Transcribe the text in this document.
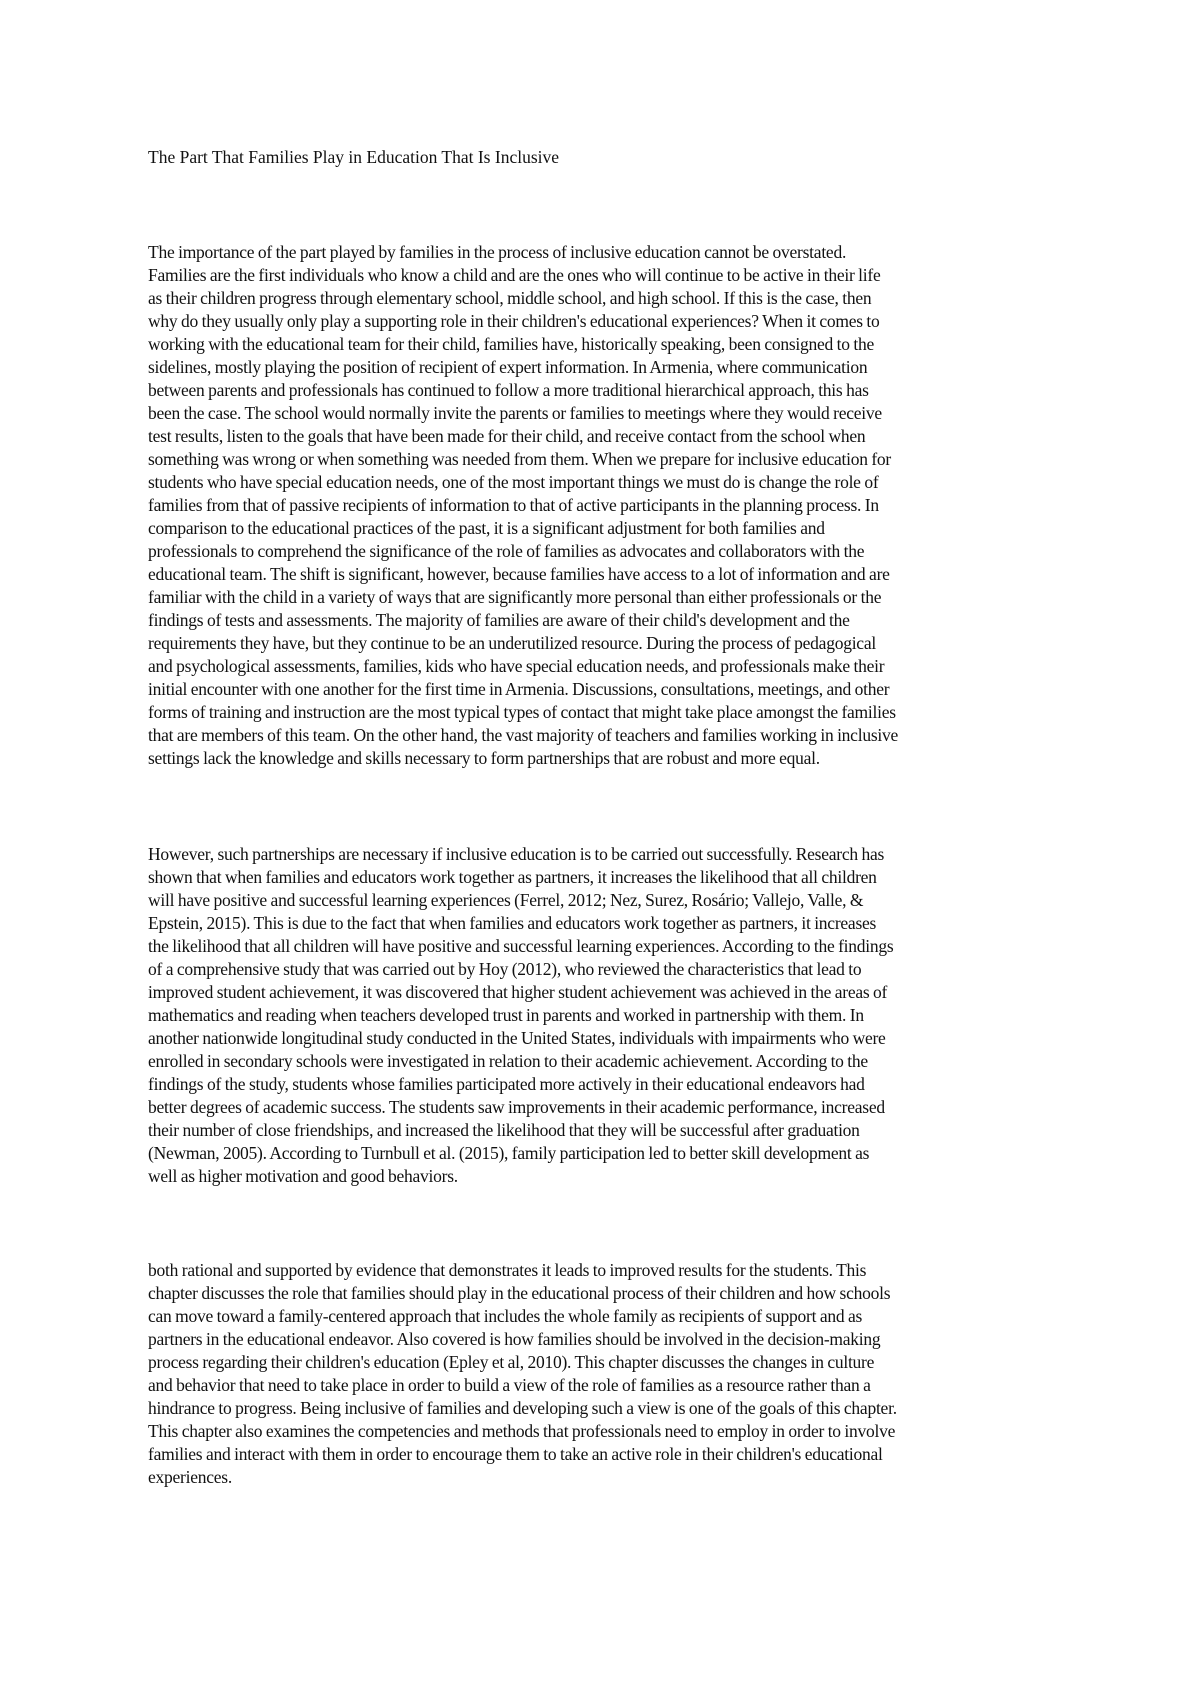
The Part That Families Play in Education That Is Inclusive

The importance of the part played by families in the process of inclusive education cannot be overstated.
Families are the first individuals who know a child and are the ones who will continue to be active in their life
as their children progress through elementary school, middle school, and high school. If this is the case, then
why do they usually only play a supporting role in their children's educational experiences? When it comes to
working with the educational team for their child, families have, historically speaking, been consigned to the
sidelines, mostly playing the position of recipient of expert information. In Armenia, where communication
between parents and professionals has continued to follow a more traditional hierarchical approach, this has
been the case. The school would normally invite the parents or families to meetings where they would receive
test results, listen to the goals that have been made for their child, and receive contact from the school when
something was wrong or when something was needed from them. When we prepare for inclusive education for
students who have special education needs, one of the most important things we must do is change the role of
families from that of passive recipients of information to that of active participants in the planning process. In
comparison to the educational practices of the past, it is a significant adjustment for both families and
professionals to comprehend the significance of the role of families as advocates and collaborators with the
educational team. The shift is significant, however, because families have access to a lot of information and are
familiar with the child in a variety of ways that are significantly more personal than either professionals or the
findings of tests and assessments. The majority of families are aware of their child's development and the
requirements they have, but they continue to be an underutilized resource. During the process of pedagogical
and psychological assessments, families, kids who have special education needs, and professionals make their
initial encounter with one another for the first time in Armenia. Discussions, consultations, meetings, and other
forms of training and instruction are the most typical types of contact that might take place amongst the families
that are members of this team. On the other hand, the vast majority of teachers and families working in inclusive
settings lack the knowledge and skills necessary to form partnerships that are robust and more equal.

However, such partnerships are necessary if inclusive education is to be carried out successfully. Research has
shown that when families and educators work together as partners, it increases the likelihood that all children
will have positive and successful learning experiences (Ferrel, 2012; Nez, Surez, Rosário; Vallejo, Valle, &
Epstein, 2015). This is due to the fact that when families and educators work together as partners, it increases
the likelihood that all children will have positive and successful learning experiences. According to the findings
of a comprehensive study that was carried out by Hoy (2012), who reviewed the characteristics that lead to
improved student achievement, it was discovered that higher student achievement was achieved in the areas of
mathematics and reading when teachers developed trust in parents and worked in partnership with them. In
another nationwide longitudinal study conducted in the United States, individuals with impairments who were
enrolled in secondary schools were investigated in relation to their academic achievement. According to the
findings of the study, students whose families participated more actively in their educational endeavors had
better degrees of academic success. The students saw improvements in their academic performance, increased
their number of close friendships, and increased the likelihood that they will be successful after graduation
(Newman, 2005). According to Turnbull et al. (2015), family participation led to better skill development as
well as higher motivation and good behaviors.

both rational and supported by evidence that demonstrates it leads to improved results for the students. This
chapter discusses the role that families should play in the educational process of their children and how schools
can move toward a family-centered approach that includes the whole family as recipients of support and as
partners in the educational endeavor. Also covered is how families should be involved in the decision-making
process regarding their children's education (Epley et al, 2010). This chapter discusses the changes in culture
and behavior that need to take place in order to build a view of the role of families as a resource rather than a
hindrance to progress. Being inclusive of families and developing such a view is one of the goals of this chapter.
This chapter also examines the competencies and methods that professionals need to employ in order to involve
families and interact with them in order to encourage them to take an active role in their children's educational
experiences.
